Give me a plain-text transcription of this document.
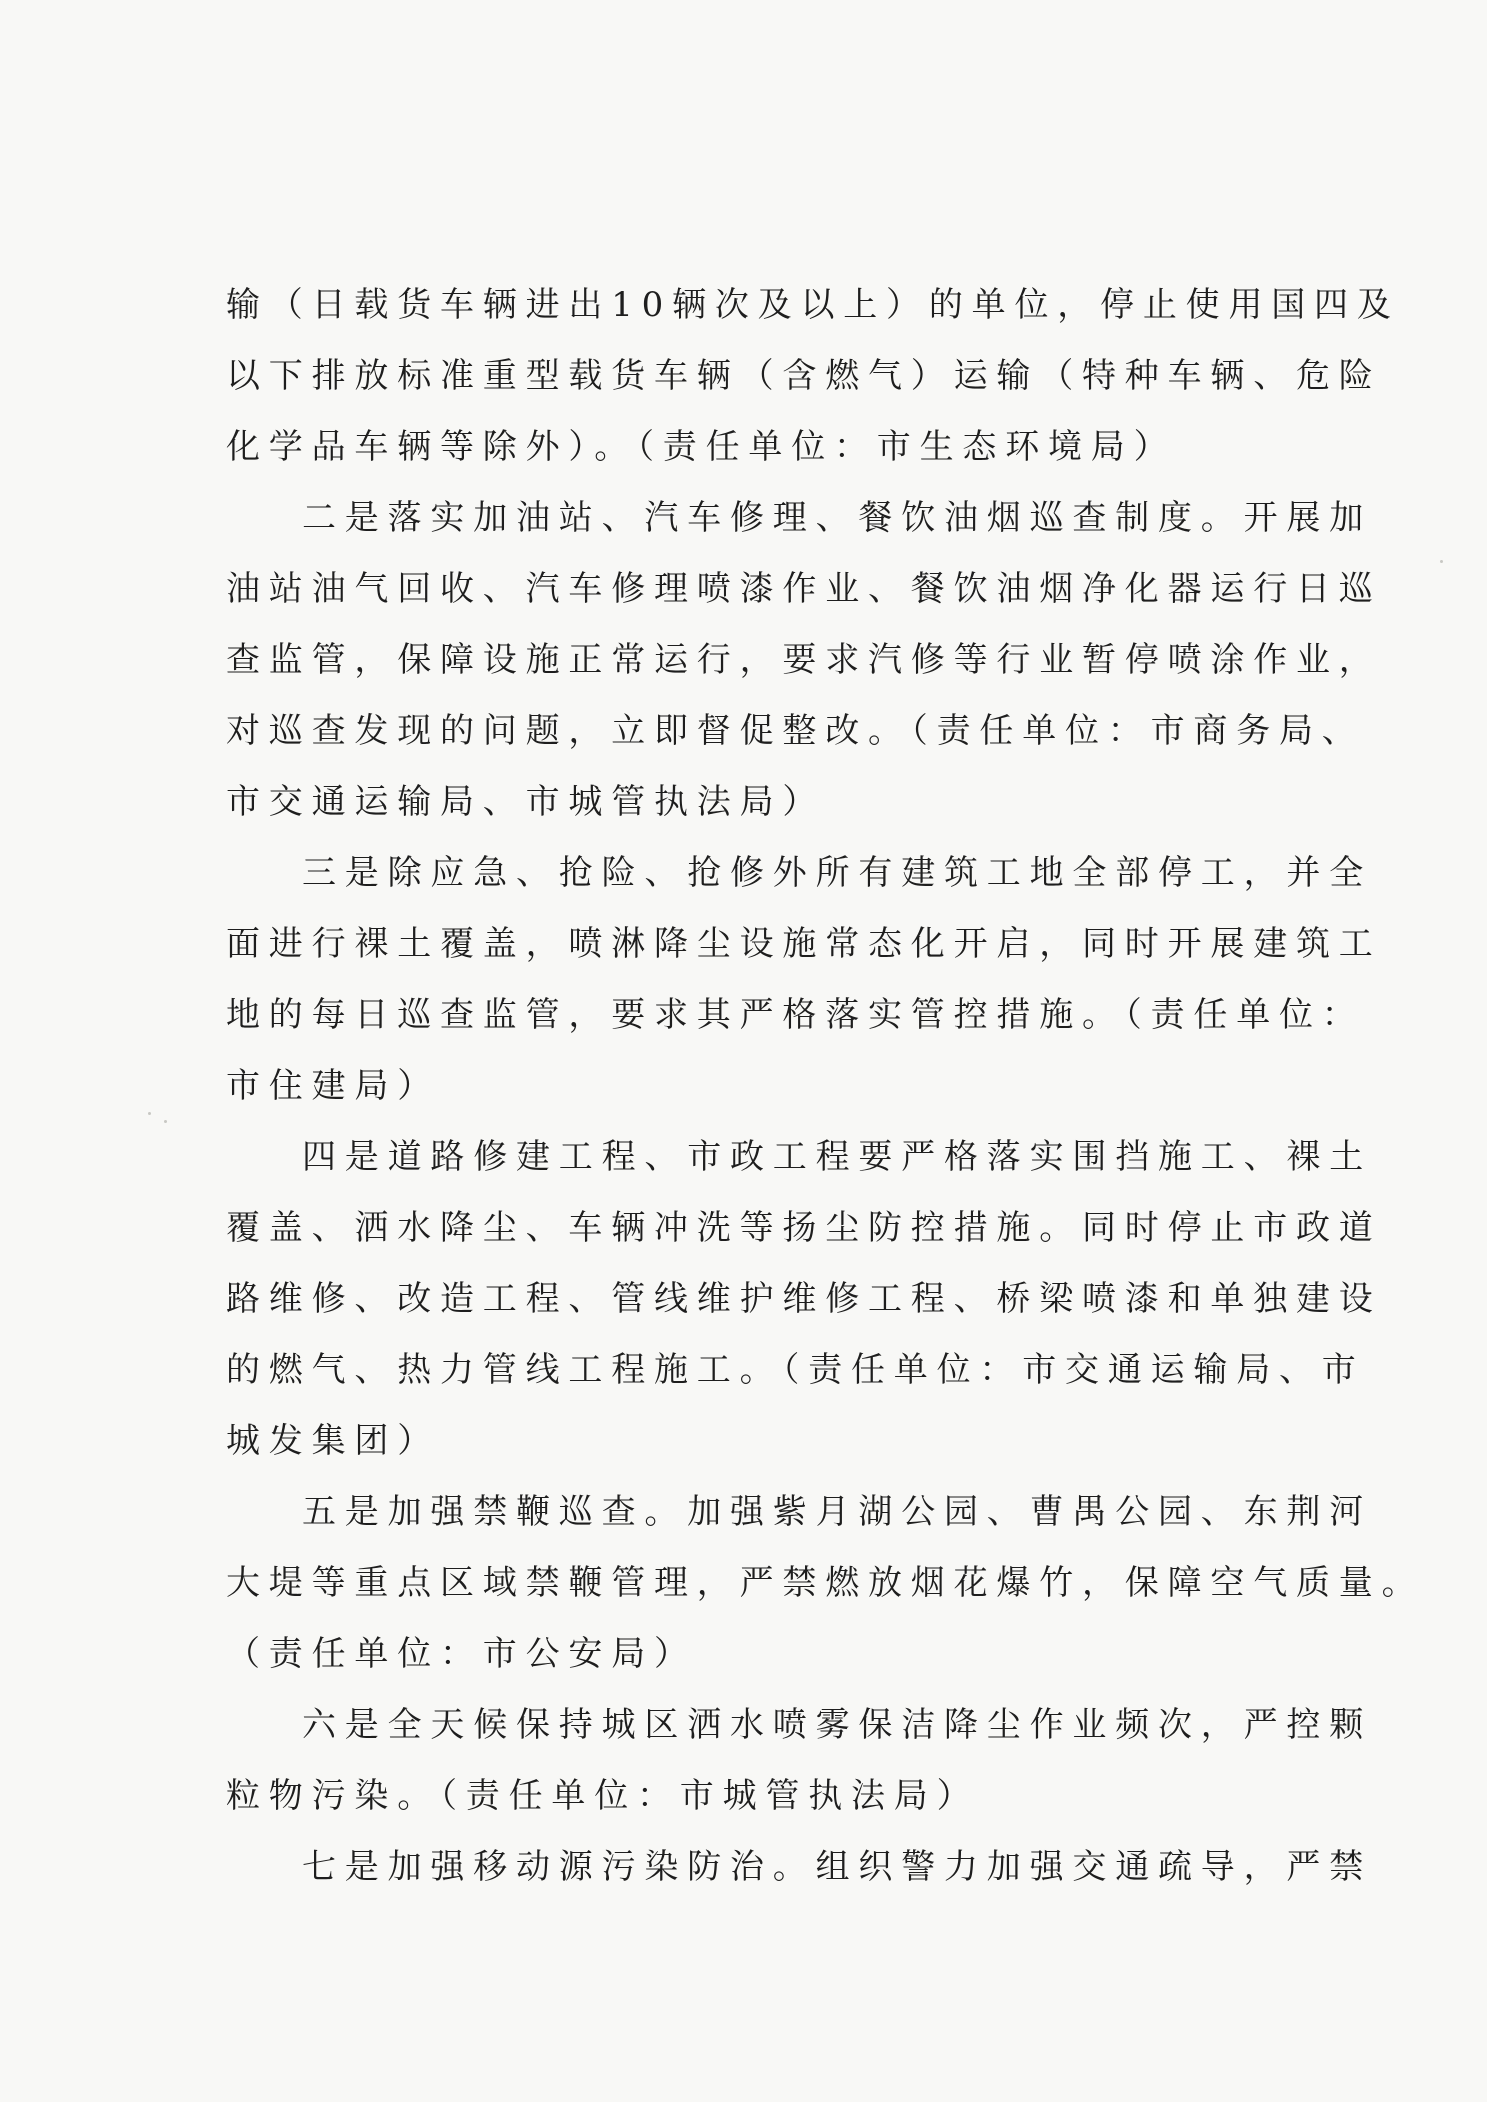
输（日载货车辆进出10辆次及以上）的单位，停止使用国四及
以下排放标准重型载货车辆（含燃气）运输（特种车辆、危险
化学品车辆等除外）。（责任单位：市生态环境局）
二是落实加油站、汽车修理、餐饮油烟巡查制度。开展加
油站油气回收、汽车修理喷漆作业、餐饮油烟净化器运行日巡
查监管，保障设施正常运行，要求汽修等行业暂停喷涂作业，
对巡查发现的问题，立即督促整改。（责任单位：市商务局、
市交通运输局、市城管执法局）
三是除应急、抢险、抢修外所有建筑工地全部停工，并全
面进行裸土覆盖，喷淋降尘设施常态化开启，同时开展建筑工
地的每日巡查监管，要求其严格落实管控措施。（责任单位：
市住建局）
四是道路修建工程、市政工程要严格落实围挡施工、裸土
覆盖、洒水降尘、车辆冲洗等扬尘防控措施。同时停止市政道
路维修、改造工程、管线维护维修工程、桥梁喷漆和单独建设
的燃气、热力管线工程施工。（责任单位：市交通运输局、市
城发集团）
五是加强禁鞭巡查。加强紫月湖公园、曹禺公园、东荆河
大堤等重点区域禁鞭管理，严禁燃放烟花爆竹，保障空气质量。
（责任单位：市公安局）
六是全天候保持城区洒水喷雾保洁降尘作业频次，严控颗
粒物污染。（责任单位：市城管执法局）
七是加强移动源污染防治。组织警力加强交通疏导，严禁
